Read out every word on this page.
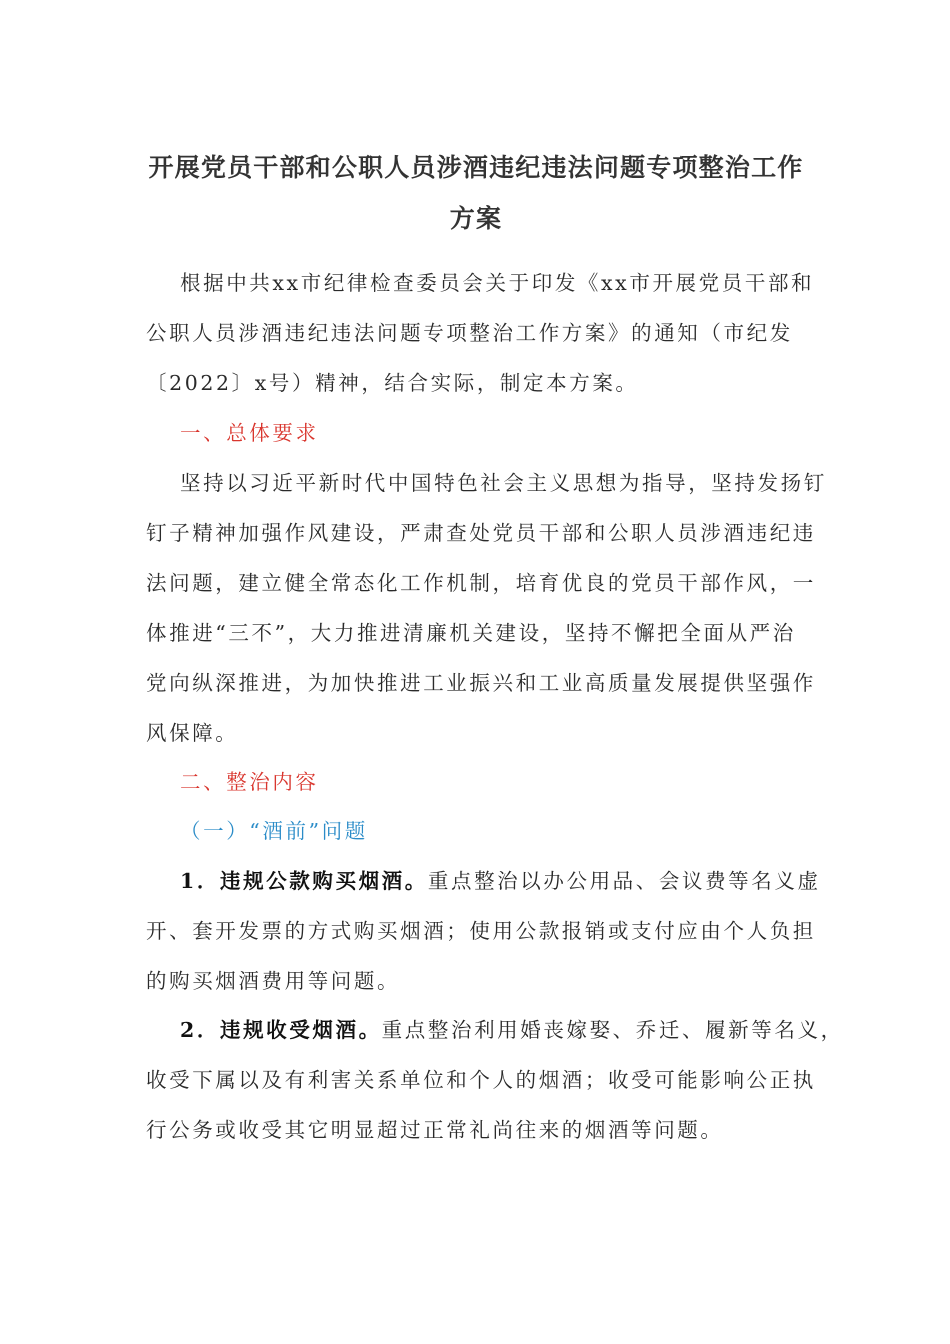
开展党员干部和公职人员涉酒违纪违法问题专项整治工作
方案

根据中共xx市纪律检查委员会关于印发《xx市开展党员干部和

公职人员涉酒违纪违法问题专项整治工作方案》的通知（市纪发

〔2022〕x号）精神，结合实际，制定本方案。

一、总体要求

坚持以习近平新时代中国特色社会主义思想为指导，坚持发扬钉

钉子精神加强作风建设，严肃查处党员干部和公职人员涉酒违纪违

法问题，建立健全常态化工作机制，培育优良的党员干部作风，一

体推进“三不”，大力推进清廉机关建设，坚持不懈把全面从严治

党向纵深推进，为加快推进工业振兴和工业高质量发展提供坚强作

风保障。

二、整治内容

（一）“酒前”问题

1．违规公款购买烟酒。重点整治以办公用品、会议费等名义虚

开、套开发票的方式购买烟酒；使用公款报销或支付应由个人负担

的购买烟酒费用等问题。

2．违规收受烟酒。重点整治利用婚丧嫁娶、乔迁、履新等名义，

收受下属以及有利害关系单位和个人的烟酒；收受可能影响公正执

行公务或收受其它明显超过正常礼尚往来的烟酒等问题。
